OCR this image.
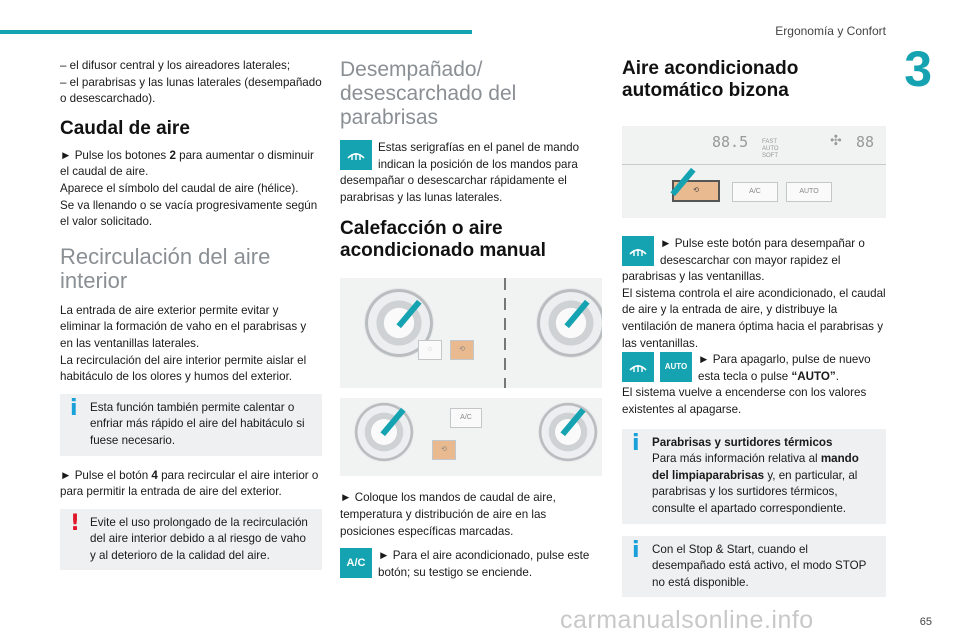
Ergonomía y Confort
3

– el difusor central y los aireadores laterales;

– el parabrisas y las lunas laterales (desempañado o desescarchado).

Caudal de aire

► Pulse los botones 2 para aumentar o disminuir el caudal de aire.

Aparece el símbolo del caudal de aire (hélice).

Se va llenando o se vacía progresivamente según el valor solicitado.

Recirculación del aire interior

La entrada de aire exterior permite evitar y eliminar la formación de vaho en el parabrisas y en las ventanillas laterales.

La recirculación del aire interior permite aislar el habitáculo de los olores y humos del exterior.

i Esta función también permite calentar o enfriar más rápido el aire del habitáculo si fuese necesario.

► Pulse el botón 4 para recircular el aire interior o para permitir la entrada de aire del exterior.

! Evite el uso prolongado de la recirculación del aire interior debido a al riesgo de vaho y al deterioro de la calidad del aire.
Desempañado/ desescarchado del parabrisas
Estas serigrafías en el panel de mando indican la posición de los mandos para desempañar o desescarchar rápidamente el parabrisas y las lunas laterales.
Calefacción o aire acondicionado manual
⟲
◌
A/C
⟲

► Coloque los mandos de caudal de aire, temperatura y distribución de aire en las posiciones específicas marcadas.

A/C
► Para el aire acondicionado, pulse este botón; su testigo se enciende.
Aire acondicionado automático bizona
88.5 FAST
AUTO
SOFT
✣ 88
⟲	A/C	AUTO
► Pulse este botón para desempañar o desescarchar con mayor rapidez el parabrisas y las ventanillas.

El sistema controla el aire acondicionado, el caudal de aire y la entrada de aire, y distribuye la ventilación de manera óptima hacia el parabrisas y las ventanillas.

AUTO
► Para apagarlo, pulse de nuevo esta tecla o pulse “AUTO”.

El sistema vuelve a encenderse con los valores existentes al apagarse.

i Parabrisas y surtidores térmicos
Para más información relativa al mando del limpiaparabrisas y, en particular, al parabrisas y los surtidores térmicos, consulte el apartado correspondiente.
i Con el Stop & Start, cuando el desempañado está activo, el modo STOP no está disponible.
carmanualsonline.info	65
